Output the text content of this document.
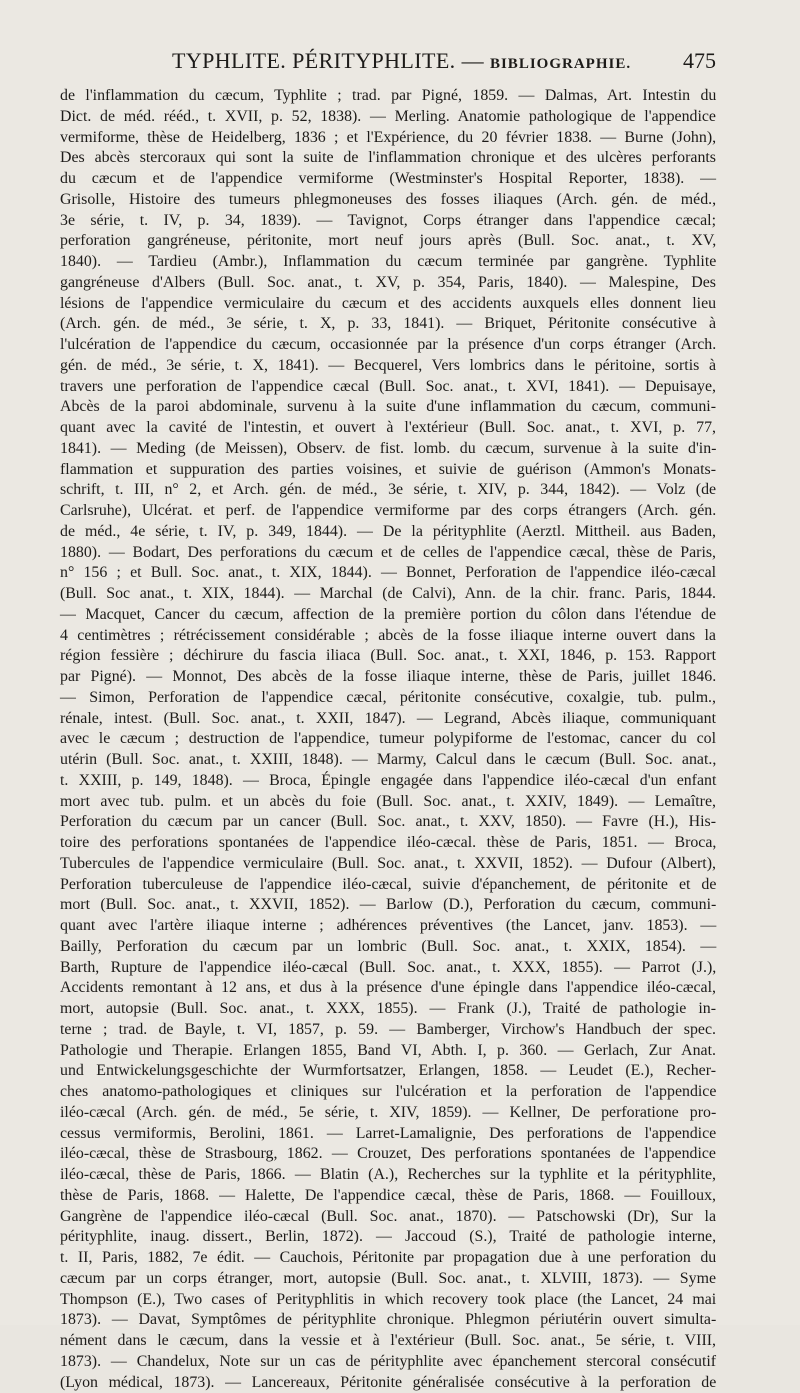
TYPHLITE. PÉRITYPHLITE. — BIBLIOGRAPHIE. 475
de l'inflammation du cæcum, Typhlite ; trad. par Pigné, 1859. — Dalmas, Art. Intestin du
Dict. de méd. rééd., t. XVII, p. 52, 1838). — Merling. Anatomie pathologique de l'appendice
vermiforme, thèse de Heidelberg, 1836 ; et l'Expérience, du 20 février 1838. — Burne (John),
Des abcès stercoraux qui sont la suite de l'inflammation chronique et des ulcères perforants
du cæcum et de l'appendice vermiforme (Westminster's Hospital Reporter, 1838). —
Grisolle, Histoire des tumeurs phlegmoneuses des fosses iliaques (Arch. gén. de méd.,
3e série, t. IV, p. 34, 1839). — Tavignot, Corps étranger dans l'appendice cæcal;
perforation gangréneuse, péritonite, mort neuf jours après (Bull. Soc. anat., t. XV,
1840). — Tardieu (Ambr.), Inflammation du cæcum terminée par gangrène. Typhlite
gangréneuse d'Albers (Bull. Soc. anat., t. XV, p. 354, Paris, 1840). — Malespine, Des
lésions de l'appendice vermiculaire du cæcum et des accidents auxquels elles donnent lieu
(Arch. gén. de méd., 3e série, t. X, p. 33, 1841). — Briquet, Péritonite consécutive à
l'ulcération de l'appendice du cæcum, occasionnée par la présence d'un corps étranger (Arch.
gén. de méd., 3e série, t. X, 1841). — Becquerel, Vers lombrics dans le péritoine, sortis à
travers une perforation de l'appendice cæcal (Bull. Soc. anat., t. XVI, 1841). — Depuisaye,
Abcès de la paroi abdominale, survenu à la suite d'une inflammation du cæcum, communi-
quant avec la cavité de l'intestin, et ouvert à l'extérieur (Bull. Soc. anat., t. XVI, p. 77,
1841). — Meding (de Meissen), Observ. de fist. lomb. du cæcum, survenue à la suite d'in-
flammation et suppuration des parties voisines, et suivie de guérison (Ammon's Monats-
schrift, t. III, n° 2, et Arch. gén. de méd., 3e série, t. XIV, p. 344, 1842). — Volz (de
Carlsruhe), Ulcérat. et perf. de l'appendice vermiforme par des corps étrangers (Arch. gén.
de méd., 4e série, t. IV, p. 349, 1844). — De la pérityphlite (Aerztl. Mittheil. aus Baden,
1880). — Bodart, Des perforations du cæcum et de celles de l'appendice cæcal, thèse de Paris,
n° 156 ; et Bull. Soc. anat., t. XIX, 1844). — Bonnet, Perforation de l'appendice iléo-cæcal
(Bull. Soc anat., t. XIX, 1844). — Marchal (de Calvi), Ann. de la chir. franc. Paris, 1844.
— Macquet, Cancer du cæcum, affection de la première portion du côlon dans l'étendue de
4 centimètres ; rétrécissement considérable ; abcès de la fosse iliaque interne ouvert dans la
région fessière ; déchirure du fascia iliaca (Bull. Soc. anat., t. XXI, 1846, p. 153. Rapport
par Pigné). — Monnot, Des abcès de la fosse iliaque interne, thèse de Paris, juillet 1846.
— Simon, Perforation de l'appendice cæcal, péritonite consécutive, coxalgie, tub. pulm.,
rénale, intest. (Bull. Soc. anat., t. XXII, 1847). — Legrand, Abcès iliaque, communiquant
avec le cæcum ; destruction de l'appendice, tumeur polypiforme de l'estomac, cancer du col
utérin (Bull. Soc. anat., t. XXIII, 1848). — Marmy, Calcul dans le cæcum (Bull. Soc. anat.,
t. XXIII, p. 149, 1848). — Broca, Épingle engagée dans l'appendice iléo-cæcal d'un enfant
mort avec tub. pulm. et un abcès du foie (Bull. Soc. anat., t. XXIV, 1849). — Lemaître,
Perforation du cæcum par un cancer (Bull. Soc. anat., t. XXV, 1850). — Favre (H.), His-
toire des perforations spontanées de l'appendice iléo-cæcal. thèse de Paris, 1851. — Broca,
Tubercules de l'appendice vermiculaire (Bull. Soc. anat., t. XXVII, 1852). — Dufour (Albert),
Perforation tuberculeuse de l'appendice iléo-cæcal, suivie d'épanchement, de péritonite et de
mort (Bull. Soc. anat., t. XXVII, 1852). — Barlow (D.), Perforation du cæcum, communi-
quant avec l'artère iliaque interne ; adhérences préventives (the Lancet, janv. 1853). —
Bailly, Perforation du cæcum par un lombric (Bull. Soc. anat., t. XXIX, 1854). —
Barth, Rupture de l'appendice iléo-cæcal (Bull. Soc. anat., t. XXX, 1855). — Parrot (J.),
Accidents remontant à 12 ans, et dus à la présence d'une épingle dans l'appendice iléo-cæcal,
mort, autopsie (Bull. Soc. anat., t. XXX, 1855). — Frank (J.), Traité de pathologie in-
terne ; trad. de Bayle, t. VI, 1857, p. 59. — Bamberger, Virchow's Handbuch der spec.
Pathologie und Therapie. Erlangen 1855, Band VI, Abth. I, p. 360. — Gerlach, Zur Anat.
und Entwickelungsgeschichte der Wurmfortsatzer, Erlangen, 1858. — Leudet (E.), Recher-
ches anatomo-pathologiques et cliniques sur l'ulcération et la perforation de l'appendice
iléo-cæcal (Arch. gén. de méd., 5e série, t. XIV, 1859). — Kellner, De perforatione pro-
cessus vermiformis, Berolini, 1861. — Larret-Lamalignie, Des perforations de l'appendice
iléo-cæcal, thèse de Strasbourg, 1862. — Crouzet, Des perforations spontanées de l'appendice
iléo-cæcal, thèse de Paris, 1866. — Blatin (A.), Recherches sur la typhlite et la pérityphlite,
thèse de Paris, 1868. — Halette, De l'appendice cæcal, thèse de Paris, 1868. — Fouilloux,
Gangrène de l'appendice iléo-cæcal (Bull. Soc. anat., 1870). — Patschowski (Dr), Sur la
pérityphlite, inaug. dissert., Berlin, 1872). — Jaccoud (S.), Traité de pathologie interne,
t. II, Paris, 1882, 7e édit. — Cauchois, Péritonite par propagation due à une perforation du
cæcum par un corps étranger, mort, autopsie (Bull. Soc. anat., t. XLVIII, 1873). — Syme
Thompson (E.), Two cases of Perityphlitis in which recovery took place (the Lancet, 24 mai
1873). — Davat, Symptômes de pérityphlite chronique. Phlegmon périutérin ouvert simulta-
nément dans le cæcum, dans la vessie et à l'extérieur (Bull. Soc. anat., 5e série, t. VIII,
1873). — Chandelux, Note sur un cas de pérityphlite avec épanchement stercoral consécutif
(Lyon médical, 1873). — Lancereaux, Péritonite généralisée consécutive à la perforation de
